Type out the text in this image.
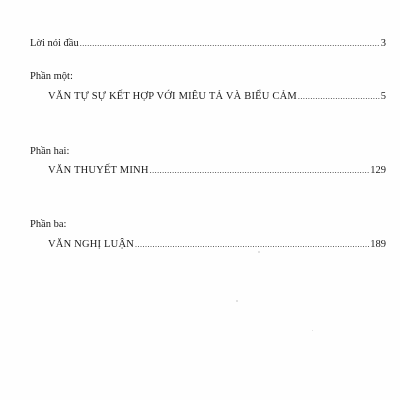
Lời nói đầu .....	3
Phần một:
VĂN TỰ SỰ KẾT HỢP VỚI MIÊU TẢ VÀ BIỂU CẢM .....	5
Phần hai:
VĂN THUYẾT MINH .....	129
Phần ba:
VĂN NGHỊ LUẬN .....	189
